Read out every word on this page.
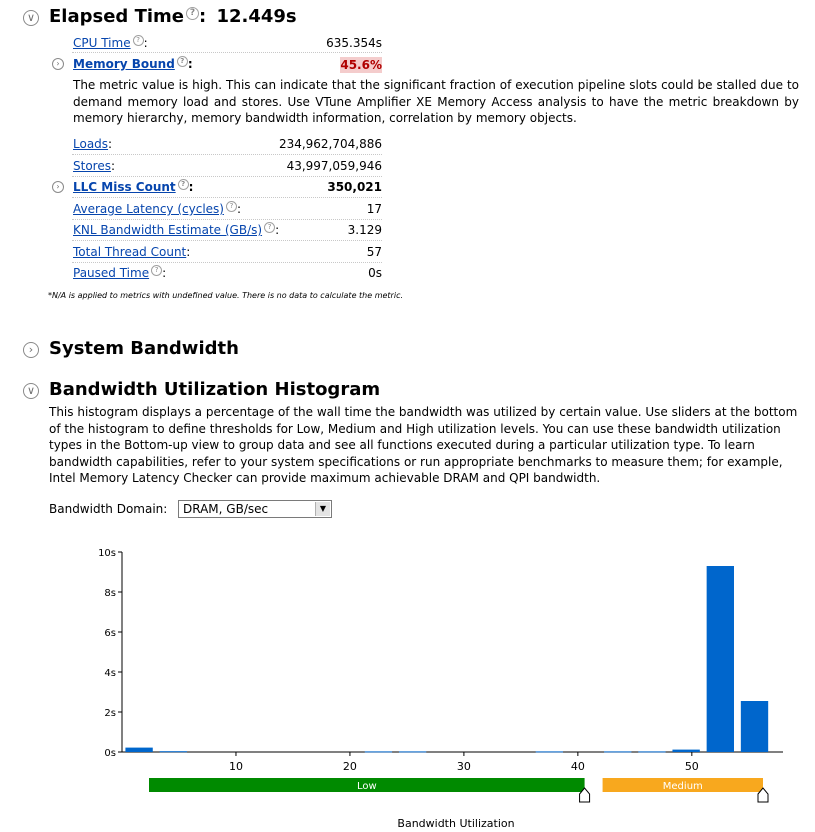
∨ Elapsed Time ? : 12.449s
CPU Time ? :	635.354s
›	Memory Bound ? :	45.6%
The metric value is high. This can indicate that the significant fraction of execution pipeline slots could be stalled due to demand memory load and stores. Use VTune Amplifier XE Memory Access analysis to have the metric breakdown by memory hierarchy, memory bandwidth information, correlation by memory objects.
Loads:	234,962,704,886
Stores:	43,997,059,946
›	LLC Miss Count ? :	350,021
Average Latency (cycles) ? :	17
KNL Bandwidth Estimate (GB/s) ? :	3.129
Total Thread Count:	57
Paused Time ? :	0s
*N/A is applied to metrics with undefined value. There is no data to calculate the metric.
› System Bandwidth
∨ Bandwidth Utilization Histogram
This histogram displays a percentage of the wall time the bandwidth was utilized by certain value. Use sliders at the bottom of the histogram to define thresholds for Low, Medium and High utilization levels. You can use these bandwidth utilization types in the Bottom-up view to group data and see all functions executed during a particular utilization type. To learn bandwidth capabilities, refer to your system specifications or run appropriate benchmarks to measure them; for example, Intel Memory Latency Checker can provide maximum achievable DRAM and QPI bandwidth.
Bandwidth Domain:	DRAM, GB/sec	▼
0s
2s
4s
6s
8s
10s
10	20	30	40	50
Low	Medium
Bandwidth Utilization
